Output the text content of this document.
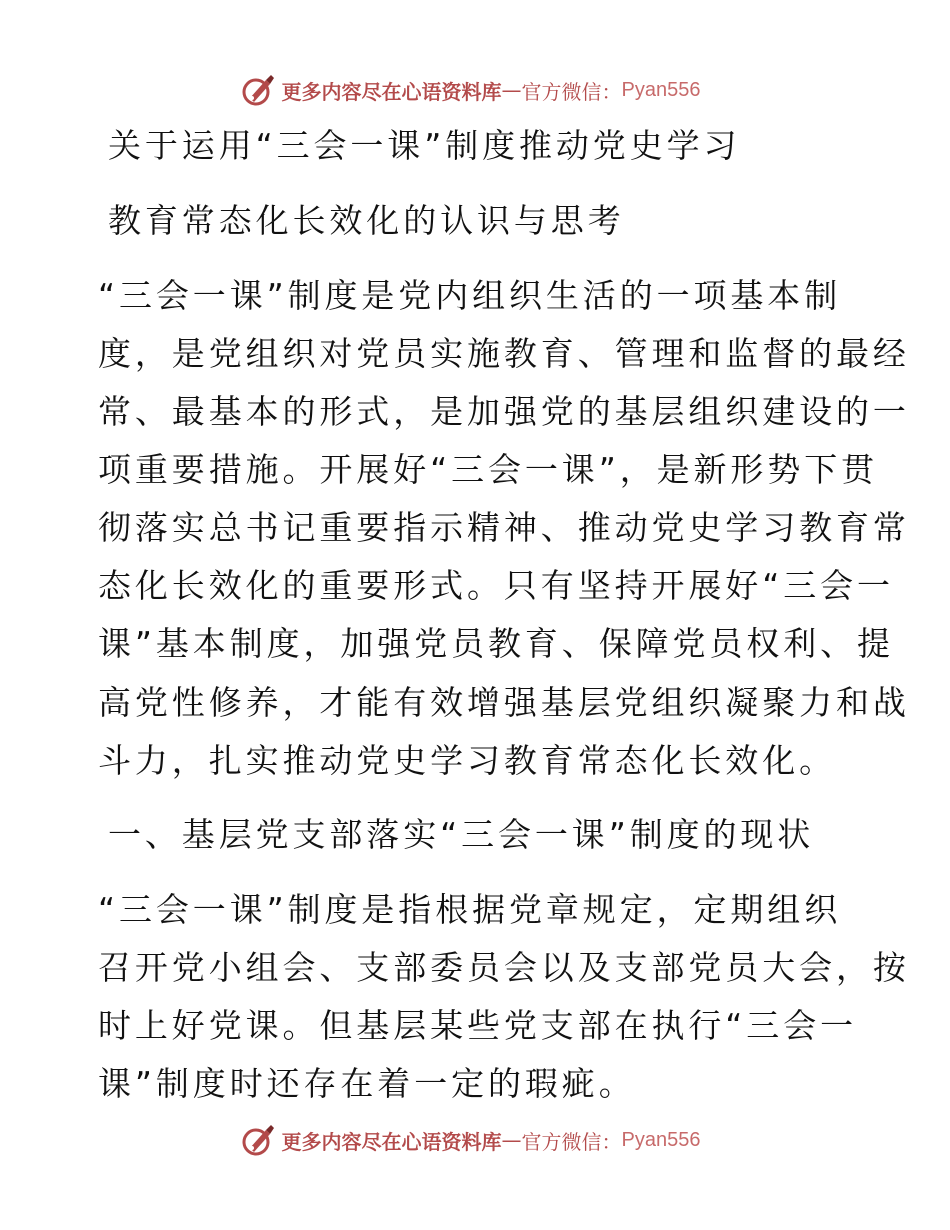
更多内容尽在心语资料库 — 官方微信： Pyan556
关于运用“三会一课”制度推动党史学习
教育常态化长效化的认识与思考
“三会一课”制度是党内组织生活的一项基本制
度，是党组织对党员实施教育、管理和监督的最经
常、最基本的形式，是加强党的基层组织建设的一
项重要措施。开展好“三会一课”，是新形势下贯
彻落实总书记重要指示精神、推动党史学习教育常
态化长效化的重要形式。只有坚持开展好“三会一
课”基本制度，加强党员教育、保障党员权利、提
高党性修养，才能有效增强基层党组织凝聚力和战
斗力，扎实推动党史学习教育常态化长效化。
一、基层党支部落实“三会一课”制度的现状
“三会一课”制度是指根据党章规定，定期组织
召开党小组会、支部委员会以及支部党员大会，按
时上好党课。但基层某些党支部在执行“三会一
课”制度时还存在着一定的瑕疵。
更多内容尽在心语资料库 — 官方微信： Pyan556
